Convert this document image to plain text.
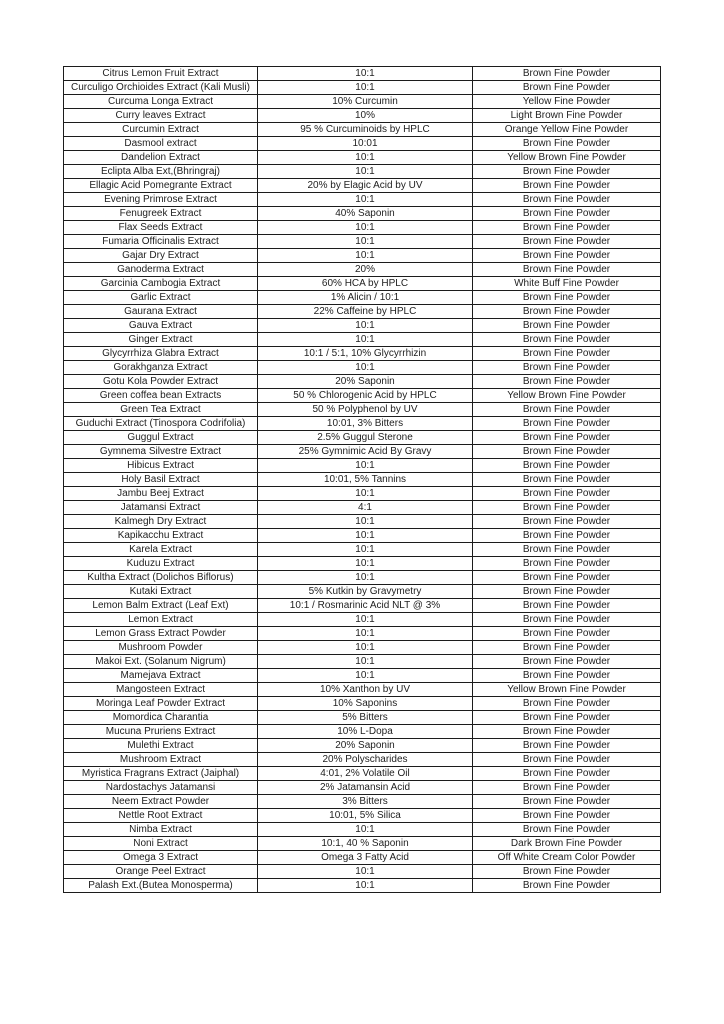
Citrus Lemon Fruit Extract	10:1	Brown Fine Powder
Curculigo Orchioides Extract (Kali Musli)	10:1	Brown Fine Powder
Curcuma Longa Extract	10% Curcumin	Yellow Fine Powder
Curry leaves Extract	10%	Light Brown Fine Powder
Curcumin Extract	95 % Curcuminoids by HPLC	Orange Yellow Fine Powder
Dasmool extract	10:01	Brown Fine Powder
Dandelion Extract	10:1	Yellow Brown Fine Powder
Eclipta Alba Ext,(Bhringraj)	10:1	Brown Fine Powder
Ellagic Acid Pomegrante Extract	20% by Elagic Acid by UV	Brown Fine Powder
Evening Primrose Extract	10:1	Brown Fine Powder
Fenugreek Extract	40% Saponin	Brown Fine Powder
Flax Seeds Extract	10:1	Brown Fine Powder
Fumaria Officinalis Extract	10:1	Brown Fine Powder
Gajar Dry Extract	10:1	Brown Fine Powder
Ganoderma Extract	20%	Brown Fine Powder
Garcinia Cambogia Extract	60% HCA by HPLC	White Buff Fine Powder
Garlic Extract	1% Alicin / 10:1	Brown Fine Powder
Gaurana Extract	22% Caffeine by HPLC	Brown Fine Powder
Gauva Extract	10:1	Brown Fine Powder
Ginger Extract	10:1	Brown Fine Powder
Glycyrrhiza Glabra Extract	10:1 / 5:1, 10% Glycyrrhizin	Brown Fine Powder
Gorakhganza Extract	10:1	Brown Fine Powder
Gotu Kola Powder Extract	20% Saponin	Brown Fine Powder
Green coffea bean Extracts	50 % Chlorogenic Acid by HPLC	Yellow Brown Fine Powder
Green Tea Extract	50 % Polyphenol by UV	Brown Fine Powder
Guduchi Extract (Tinospora Codrifolia)	10:01, 3% Bitters	Brown Fine Powder
Guggul Extract	2.5% Guggul Sterone	Brown Fine Powder
Gymnema Silvestre Extract	25% Gymnimic Acid By Gravy	Brown Fine Powder
Hibicus Extract	10:1	Brown Fine Powder
Holy Basil Extract	10:01, 5% Tannins	Brown Fine Powder
Jambu Beej Extract	10:1	Brown Fine Powder
Jatamansi Extract	4:1	Brown Fine Powder
Kalmegh Dry Extract	10:1	Brown Fine Powder
Kapikacchu Extract	10:1	Brown Fine Powder
Karela Extract	10:1	Brown Fine Powder
Kuduzu Extract	10:1	Brown Fine Powder
Kultha Extract (Dolichos Biflorus)	10:1	Brown Fine Powder
Kutaki Extract	5% Kutkin by Gravymetry	Brown Fine Powder
Lemon Balm Extract (Leaf Ext)	10:1 / Rosmarinic Acid NLT @ 3%	Brown Fine Powder
Lemon Extract	10:1	Brown Fine Powder
Lemon Grass Extract Powder	10:1	Brown Fine Powder
Mushroom Powder	10:1	Brown Fine Powder
Makoi Ext. (Solanum Nigrum)	10:1	Brown Fine Powder
Mamejava Extract	10:1	Brown Fine Powder
Mangosteen Extract	10% Xanthon by UV	Yellow Brown Fine Powder
Moringa Leaf Powder Extract	10% Saponins	Brown Fine Powder
Momordica Charantia	5% Bitters	Brown Fine Powder
Mucuna Pruriens Extract	10% L-Dopa	Brown Fine Powder
Mulethi Extract	20% Saponin	Brown Fine Powder
Mushroom Extract	20% Polyscharides	Brown Fine Powder
Myristica Fragrans Extract (Jaiphal)	4:01, 2% Volatile Oil	Brown Fine Powder
Nardostachys Jatamansi	2% Jatamansin Acid	Brown Fine Powder
Neem Extract Powder	3% Bitters	Brown Fine Powder
Nettle Root Extract	10:01, 5% Silica	Brown Fine Powder
Nimba Extract	10:1	Brown Fine Powder
Noni Extract	10:1, 40 % Saponin	Dark Brown Fine Powder
Omega 3 Extract	Omega 3 Fatty Acid	Off White Cream Color Powder
Orange Peel Extract	10:1	Brown Fine Powder
Palash Ext.(Butea Monosperma)	10:1	Brown Fine Powder
